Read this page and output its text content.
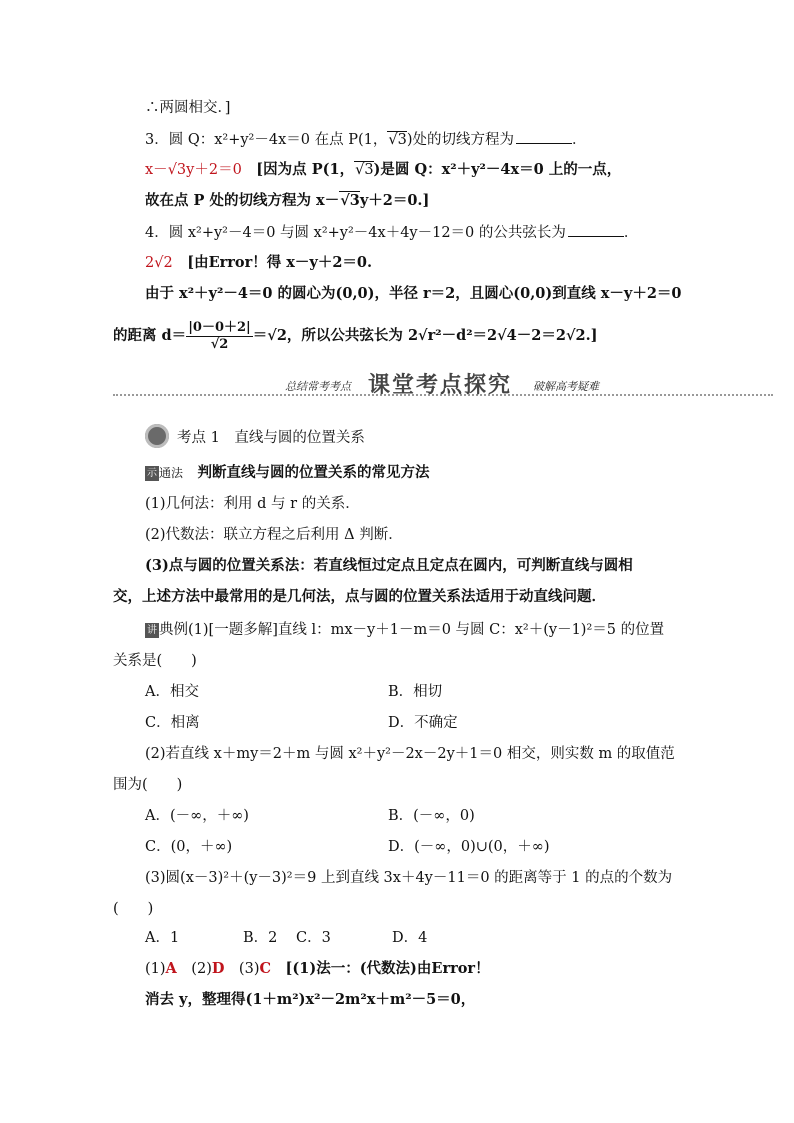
∴两圆相交．]
3．圆 Q：x²+y²－4x＝0 在点 P(1，√3)处的切线方程为	．
x－√3y＋2＝0　[因为点 P(1，√3)是圆 Q：x²＋y²－4x＝0 上的一点，
故在点 P 处的切线方程为 x－√3y＋2＝0.]
4．圆 x²+y²－4＝0 与圆 x²+y²－4x＋4y－12＝0 的公共弦长为	．
2√2　[由Error！得 x－y＋2＝0.
由于 x²＋y²－4＝0 的圆心为(0,0)，半径 r＝2，且圆心(0,0)到直线 x－y＋2＝0
的距离 $d= \frac{|0-0+2|}{√2} =√2$，所以公共弦长为 2√r²－d²＝2√4－2＝2√2.]
总结常考考点 课堂考点探究 破解高考疑难
考点 1　直线与圆的位置关系
示 通法　 判断直线与圆的位置关系的常见方法
(1)几何法：利用 d 与 r 的关系．
(2)代数法：联立方程之后利用 Δ 判断．
(3)点与圆的位置关系法：若直线恒过定点且定点在圆内，可判断直线与圆相
交，上述方法中最常用的是几何法，点与圆的位置关系法适用于动直线问题．
讲 典例(1)[一题多解]直线 l：mx－y＋1－m＝0 与圆 C：x²＋(y－1)²＝5 的位置
关系是(　　)
A．相交	B．相切
C．相离	D．不确定
(2)若直线 x＋my＝2＋m 与圆 x²＋y²－2x－2y＋1＝0 相交，则实数 m 的取值范
围为(　　)
A．(－∞，＋∞)	B．(－∞，0)
C．(0，＋∞)	D．(－∞，0)∪(0，＋∞)
(3)圆(x－3)²＋(y－3)²＝9 上到直线 3x＋4y－11＝0 的距离等于 1 的点的个数为
(　　)
A．1	B．2 C．3	D．4
(1)A　(2)D　(3)C　[(1)法一：(代数法)由Error！
消去 y，整理得(1＋m²)x²－2m²x＋m²－5＝0，
